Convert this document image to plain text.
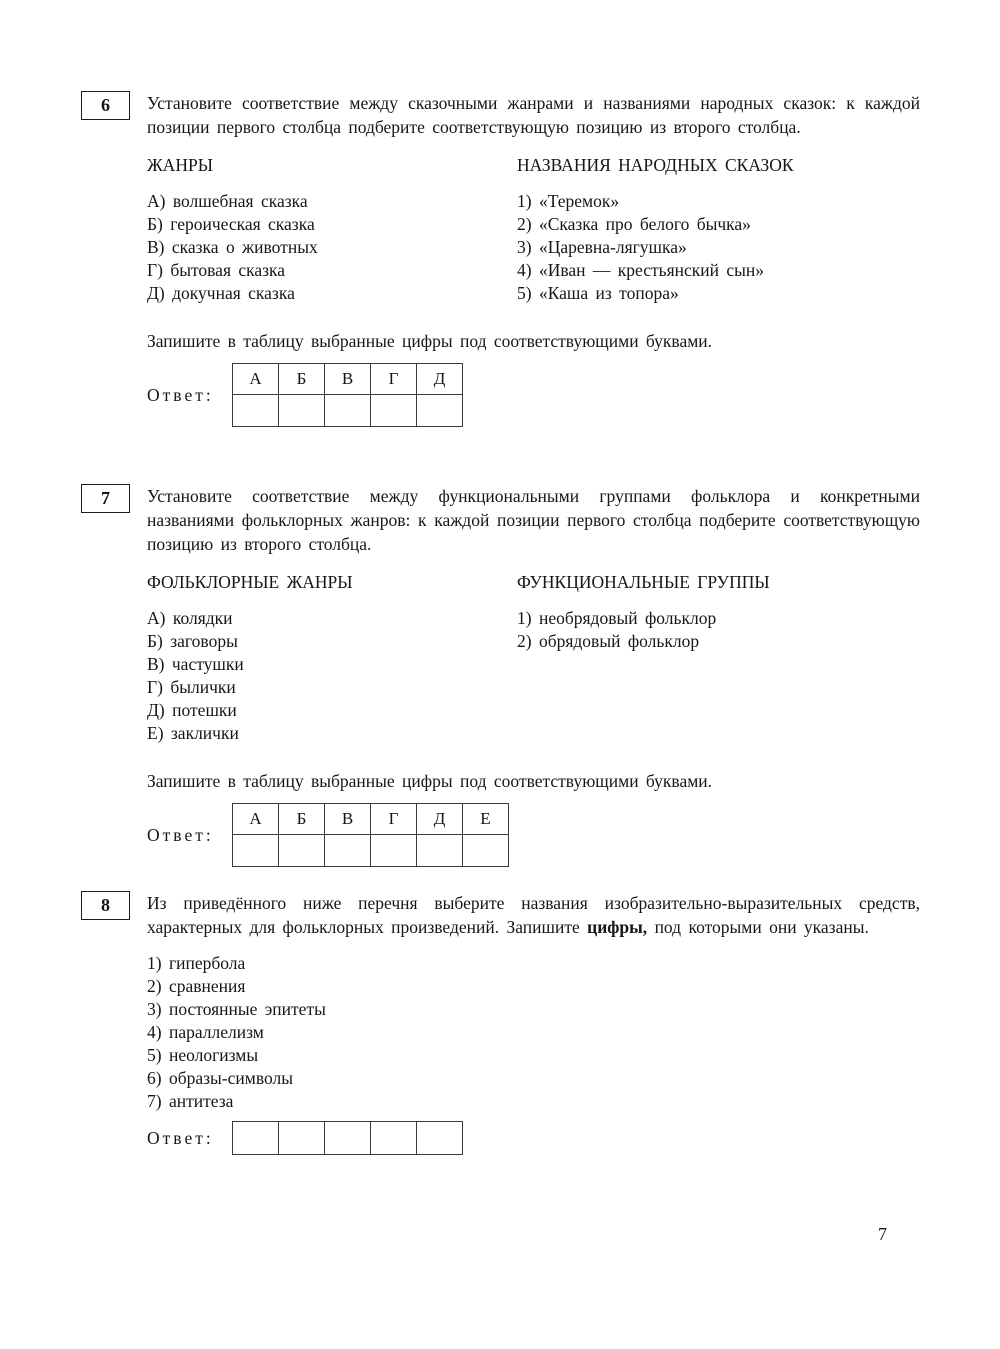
6	Установите соответствие между сказочными жанрами и названиями народных сказок: к каждой позиции первого столбца подберите соответствующую позицию из второго столбца.

ЖАНРЫ
А) волшебная сказка
Б) героическая сказка
В) сказка о животных
Г) бытовая сказка
Д) докучная сказка
НАЗВАНИЯ НАРОДНЫХ СКАЗОК
1) «Теремок»
2) «Сказка про белого бычка»
3) «Царевна-лягушка»
4) «Иван — крестьянский сын»
5) «Каша из топора»

Запишите в таблицу выбранные цифры под соответствующими буквами.

Ответ:
А	Б	В	Г	Д

7	Установите соответствие между функциональными группами фольклора и конкретными названиями фольклорных жанров: к каждой позиции первого столбца подберите соответствующую позицию из второго столбца.

ФОЛЬКЛОРНЫЕ ЖАНРЫ
А) колядки
Б) заговоры
В) частушки
Г) былички
Д) потешки
Е) заклички
ФУНКЦИОНАЛЬНЫЕ ГРУППЫ
1) необрядовый фольклор
2) обрядовый фольклор

Запишите в таблицу выбранные цифры под соответствующими буквами.

Ответ:
А	Б	В	Г	Д	Е

8	Из приведённого ниже перечня выберите названия изобразительно-выразительных средств, характерных для фольклорных произведений. Запишите цифры, под которыми они указаны.

1) гипербола
2) сравнения
3) постоянные эпитеты
4) параллелизм
5) неологизмы
6) образы-символы
7) антитеза
Ответ:

7
